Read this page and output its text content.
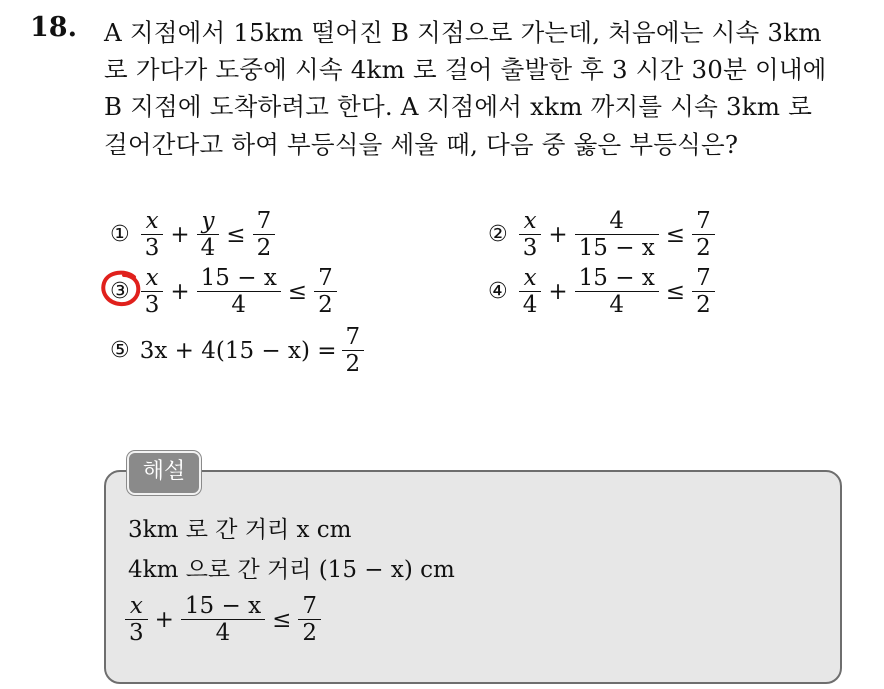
18. A 지점에서 15km 떨어진 B 지점으로 가는데, 처음에는 시속 3km
로 가다가 도중에 시속 4km 로 걸어 출발한 후 3 시간 30분 이내에
B 지점에 도착하려고 한다. A 지점에서 xkm 까지를 시속 3km 로
걸어간다고 하여 부등식을 세울 때, 다음 중 옳은 부등식은?
① $\frac{x}{3} + \frac{y}{4} \le \frac{7}{2}$	② $\frac{x}{3} + \frac{4}{15 - x} \le \frac{7}{2}$
③ $\frac{x}{3} + \frac{15 - x}{4} \le \frac{7}{2}$	④ $\frac{x}{4} + \frac{15 - x}{4} \le \frac{7}{2}$
⑤ $3x + 4(15 - x) = \frac{7}{2}$
해설
3km 로 간 거리 x cm
4km 으로 간 거리 (15 − x) cm
$\frac{x}{3} + \frac{15 - x}{4} \le \frac{7}{2}$
